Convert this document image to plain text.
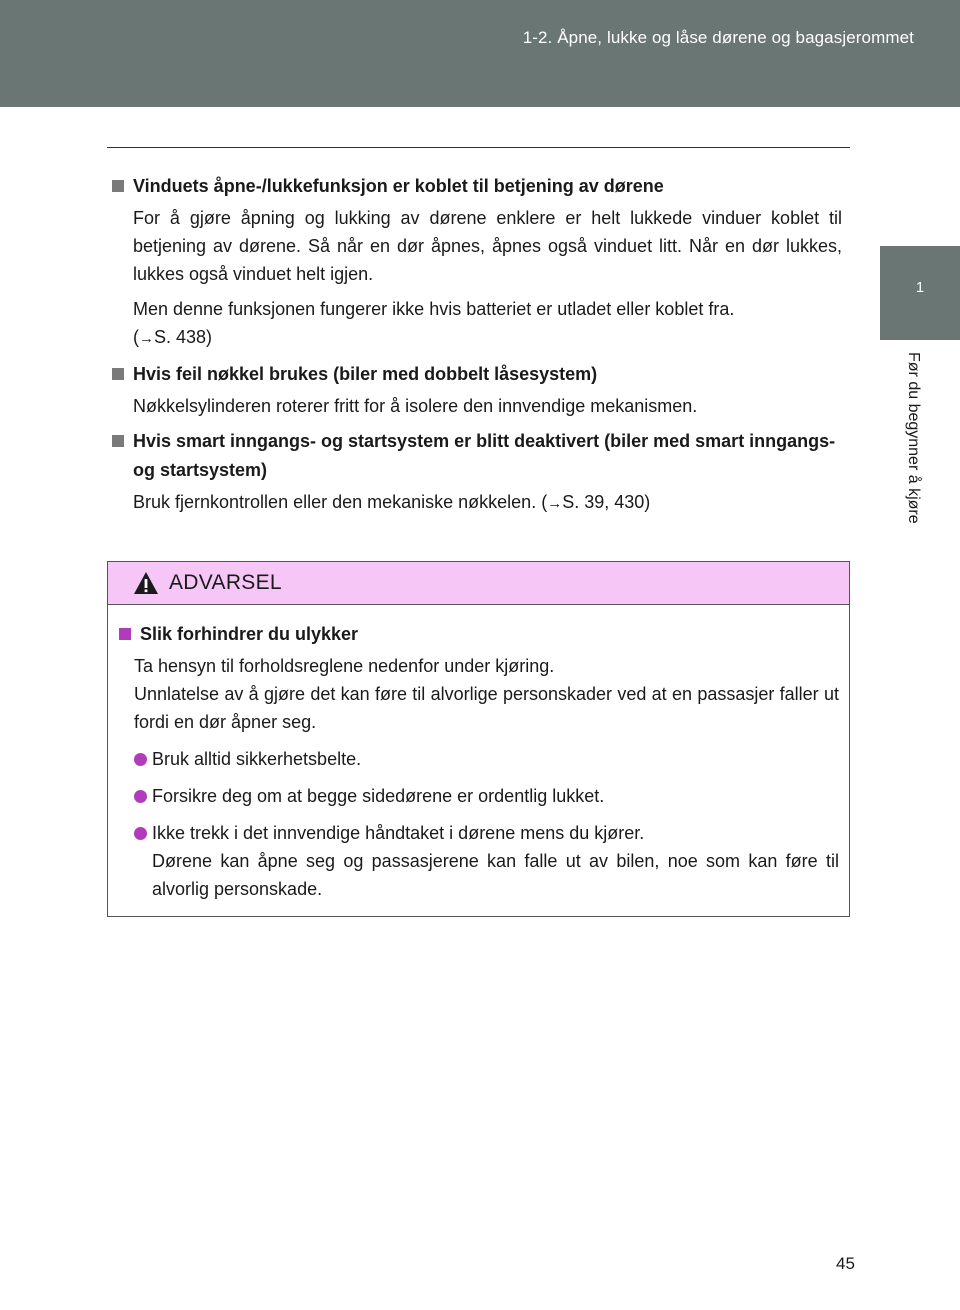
1-2. Åpne, lukke og låse dørene og bagasjerommet
1
Før du begynner å kjøre
Vinduets åpne-/lukkefunksjon er koblet til betjening av dørene
For å gjøre åpning og lukking av dørene enklere er helt lukkede vinduer koblet til betjening av dørene. Så når en dør åpnes, åpnes også vinduet litt. Når en dør lukkes, lukkes også vinduet helt igjen.
Men denne funksjonen fungerer ikke hvis batteriet er utladet eller koblet fra.
(→S. 438)
Hvis feil nøkkel brukes (biler med dobbelt låsesystem)
Nøkkelsylinderen roterer fritt for å isolere den innvendige mekanismen.
Hvis smart inngangs- og startsystem er blitt deaktivert (biler med smart inngangs- og startsystem)
Bruk fjernkontrollen eller den mekaniske nøkkelen. (→S. 39, 430)
ADVARSEL
Slik forhindrer du ulykker
Ta hensyn til forholdsreglene nedenfor under kjøring.
Unnlatelse av å gjøre det kan føre til alvorlige personskader ved at en passasjer faller ut fordi en dør åpner seg.
Bruk alltid sikkerhetsbelte.
Forsikre deg om at begge sidedørene er ordentlig lukket.
Ikke trekk i det innvendige håndtaket i dørene mens du kjører.
Dørene kan åpne seg og passasjerene kan falle ut av bilen, noe som kan føre til alvorlig personskade.
45
